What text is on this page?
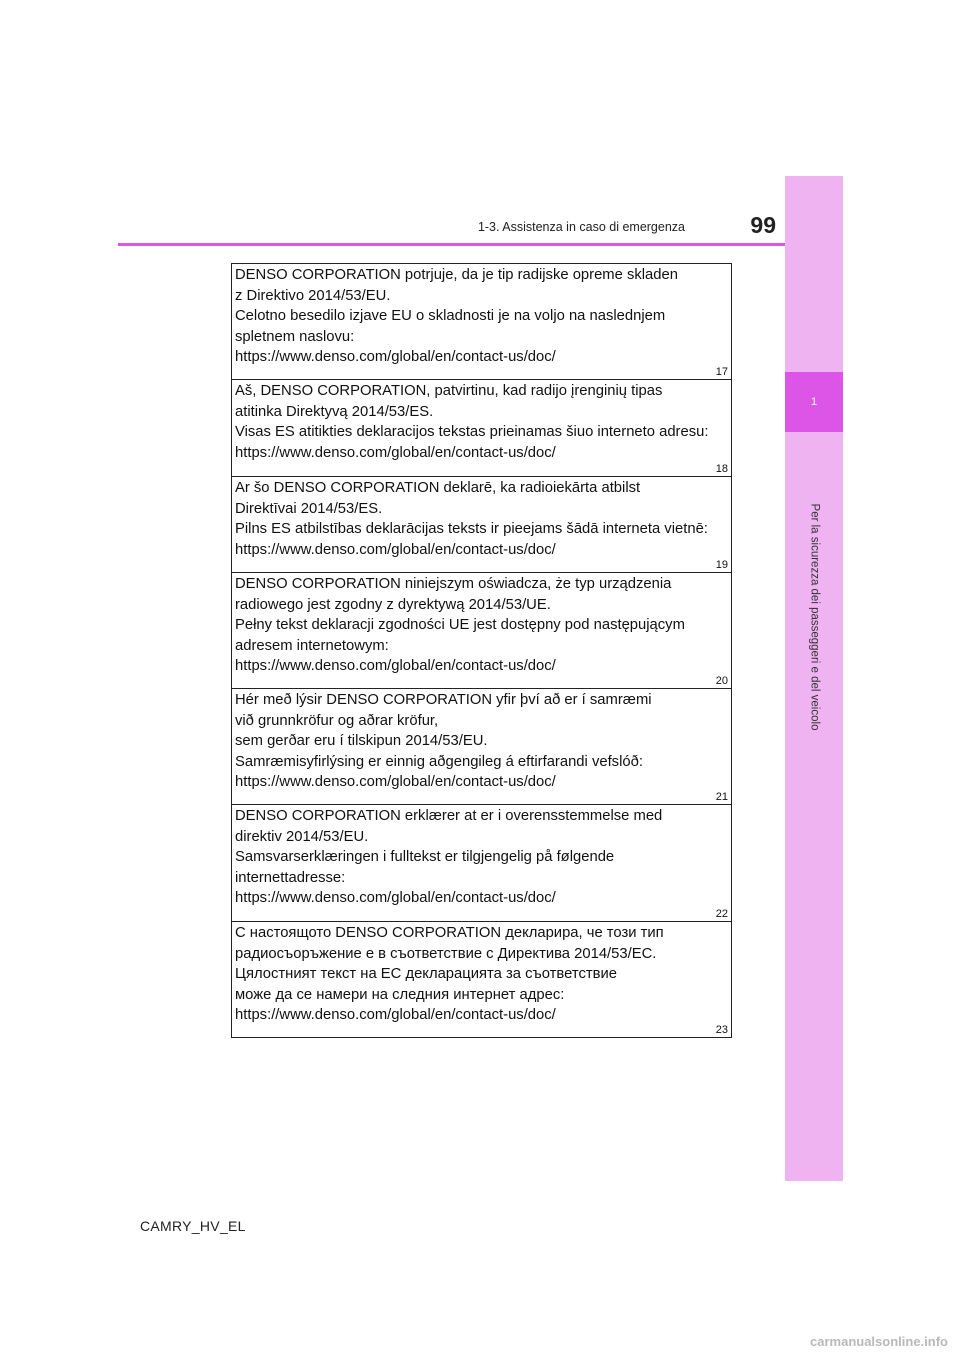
1
Per la sicurezza dei passeggeri e del veicolo
1-3. Assistenza in caso di emergenza	99
DENSO CORPORATION potrjuje, da je tip radijske opreme skladen
z Direktivo 2014/53/EU.
Celotno besedilo izjave EU o skladnosti je na voljo na naslednjem
spletnem naslovu:
https://www.denso.com/global/en/contact-us/doc/
17
Aš, DENSO CORPORATION, patvirtinu, kad radijo įrenginių tipas
atitinka Direktyvą 2014/53/ES.
Visas ES atitikties deklaracijos tekstas prieinamas šiuo interneto adresu:
https://www.denso.com/global/en/contact-us/doc/
18
Ar šo DENSO CORPORATION deklarē, ka radioiekārta atbilst
Direktīvai 2014/53/ES.
Pilns ES atbilstības deklarācijas teksts ir pieejams šādā interneta vietnē:
https://www.denso.com/global/en/contact-us/doc/
19
DENSO CORPORATION niniejszym oświadcza, że typ urządzenia
radiowego jest zgodny z dyrektywą 2014/53/UE.
Pełny tekst deklaracji zgodności UE jest dostępny pod następującym
adresem internetowym:
https://www.denso.com/global/en/contact-us/doc/
20
Hér með lýsir DENSO CORPORATION yfir því að er í samræmi
við grunnkröfur og aðrar kröfur,
sem gerðar eru í tilskipun 2014/53/EU.
Samræmisyfirlýsing er einnig aðgengileg á eftirfarandi vefslóð:
https://www.denso.com/global/en/contact-us/doc/
21
DENSO CORPORATION erklærer at er i overensstemmelse med
direktiv 2014/53/EU.
Samsvarserklæringen i fulltekst er tilgjengelig på følgende
internettadresse:
https://www.denso.com/global/en/contact-us/doc/
22
С настоящото DENSO CORPORATION декларира, че този тип
радиосъоръжение е в съответствие с Директива 2014/53/ЕС.
Цялостният текст на ЕС декларацията за съответствие
може да се намери на следния интернет адрес:
https://www.denso.com/global/en/contact-us/doc/
23
CAMRY_HV_EL
carmanualsonline.info
